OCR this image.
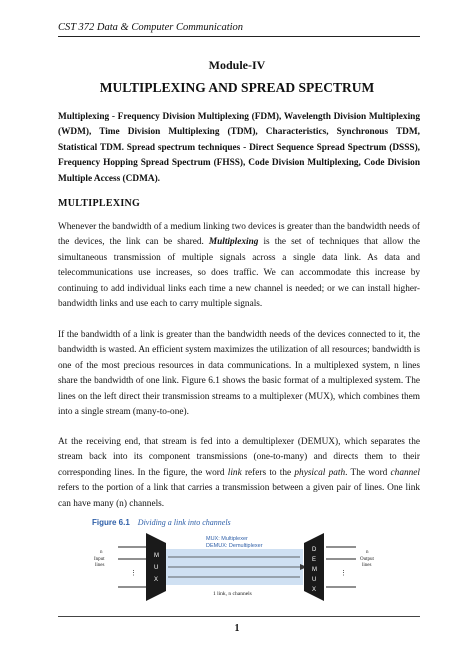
CST 372 Data & Computer Communication
Module-IV
MULTIPLEXING AND SPREAD SPECTRUM
Multiplexing - Frequency Division Multiplexing (FDM), Wavelength Division Multiplexing (WDM), Time Division Multiplexing (TDM), Characteristics, Synchronous TDM, Statistical TDM. Spread spectrum techniques - Direct Sequence Spread Spectrum (DSSS), Frequency Hopping Spread Spectrum (FHSS), Code Division Multiplexing, Code Division Multiple Access (CDMA).
MULTIPLEXING
Whenever the bandwidth of a medium linking two devices is greater than the bandwidth needs of the devices, the link can be shared. Multiplexing is the set of techniques that allow the simultaneous transmission of multiple signals across a single data link. As data and telecommunications use increases, so does traffic. We can accommodate this increase by continuing to add individual links each time a new channel is needed; or we can install higher-bandwidth links and use each to carry multiple signals.
If the bandwidth of a link is greater than the bandwidth needs of the devices connected to it, the bandwidth is wasted. An efficient system maximizes the utilization of all resources; bandwidth is one of the most precious resources in data communications. In a multiplexed system, n lines share the bandwidth of one link. Figure 6.1 shows the basic format of a multiplexed system. The lines on the left direct their transmission streams to a multiplexer (MUX), which combines them into a single stream (many-to-one).
At the receiving end, that stream is fed into a demultiplexer (DEMUX), which separates the stream back into its component transmissions (one-to-many) and directs them to their corresponding lines. In the figure, the word link refers to the physical path. The word channel refers to the portion of a link that carries a transmission between a given pair of lines. One link can have many (n) channels.
Figure 6.1 Dividing a link into channels
⋮	⋮
M
U
X
D
E
M
U
X
MUX: Multiplexer
DEMUX: Demultiplexer
n
Input
lines
n
Output
lines
1 link, n channels
1
